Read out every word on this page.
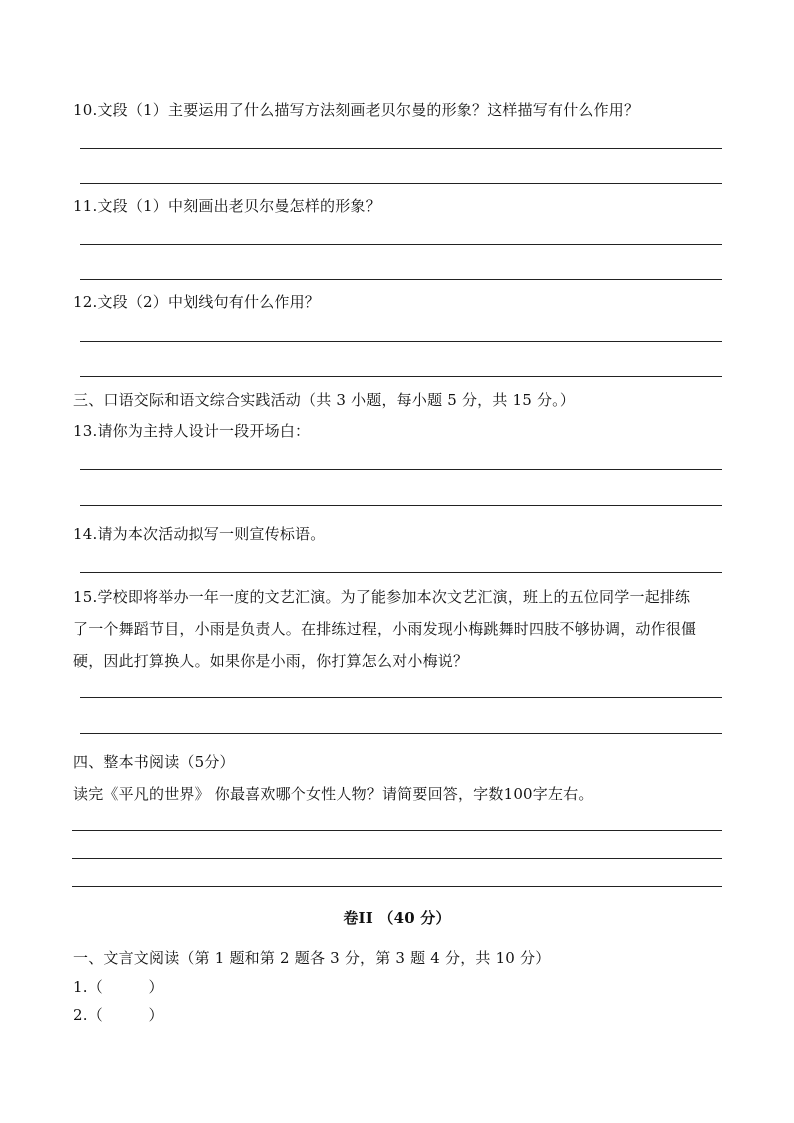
10.文段（1）主要运用了什么描写方法刻画老贝尔曼的形象？这样描写有什么作用？
11.文段（1）中刻画出老贝尔曼怎样的形象？
12.文段（2）中划线句有什么作用？
三、口语交际和语文综合实践活动（共 3 小题，每小题 5 分，共 15 分。）
13.请你为主持人设计一段开场白：
14.请为本次活动拟写一则宣传标语。
15.学校即将举办一年一度的文艺汇演。为了能参加本次文艺汇演，班上的五位同学一起排练
了一个舞蹈节目，小雨是负责人。在排练过程，小雨发现小梅跳舞时四肢不够协调，动作很僵
硬，因此打算换人。如果你是小雨，你打算怎么对小梅说？
四、整本书阅读（5分）
读完《平凡的世界》 你最喜欢哪个女性人物？请简要回答，字数100字左右。
卷II （40 分）
一、文言文阅读（第 1 题和第 2 题各 3 分，第 3 题 4 分，共 10 分）
1.（　　　）
2.（　　　）
